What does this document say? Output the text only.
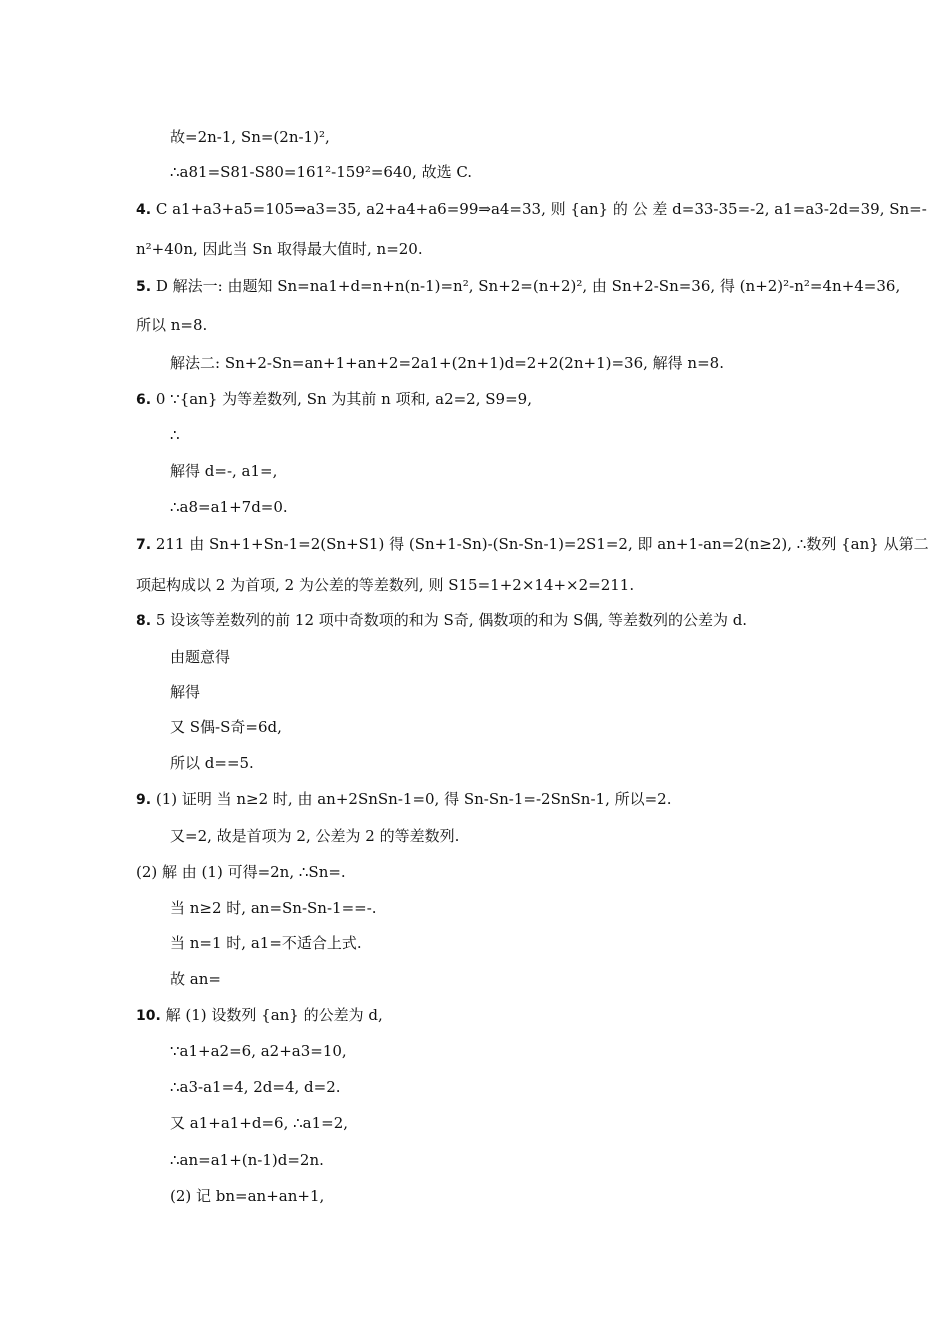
故=2n-1, Sn=(2n-1)²,
∴a81=S81-S80=161²-159²=640, 故选 C.
4. C a1+a3+a5=105⇒a3=35, a2+a4+a6=99⇒a4=33, 则 {an} 的 公 差 d=33-35=-2, a1=a3-2d=39, Sn=-
n²+40n, 因此当 Sn 取得最大值时, n=20.
5. D 解法一: 由题知 Sn=na1+d=n+n(n-1)=n², Sn+2=(n+2)², 由 Sn+2-Sn=36, 得 (n+2)²-n²=4n+4=36,
所以 n=8.
解法二: Sn+2-Sn=an+1+an+2=2a1+(2n+1)d=2+2(2n+1)=36, 解得 n=8.
6. 0 ∵{an} 为等差数列, Sn 为其前 n 项和, a2=2, S9=9,
∴
解得 d=-, a1=,
∴a8=a1+7d=0.
7. 211 由 Sn+1+Sn-1=2(Sn+S1) 得 (Sn+1-Sn)-(Sn-Sn-1)=2S1=2, 即 an+1-an=2(n≥2), ∴数列 {an} 从第二
项起构成以 2 为首项, 2 为公差的等差数列, 则 S15=1+2×14+×2=211.
8. 5 设该等差数列的前 12 项中奇数项的和为 S奇, 偶数项的和为 S偶, 等差数列的公差为 d.
由题意得
解得
又 S偶-S奇=6d,
所以 d==5.
9. (1) 证明 当 n≥2 时, 由 an+2SnSn-1=0, 得 Sn-Sn-1=-2SnSn-1, 所以=2.
又=2, 故是首项为 2, 公差为 2 的等差数列.
(2) 解 由 (1) 可得=2n, ∴Sn=.
当 n≥2 时, an=Sn-Sn-1==-.
当 n=1 时, a1=不适合上式.
故 an=
10. 解 (1) 设数列 {an} 的公差为 d,
∵a1+a2=6, a2+a3=10,
∴a3-a1=4, 2d=4, d=2.
又 a1+a1+d=6, ∴a1=2,
∴an=a1+(n-1)d=2n.
(2) 记 bn=an+an+1,
